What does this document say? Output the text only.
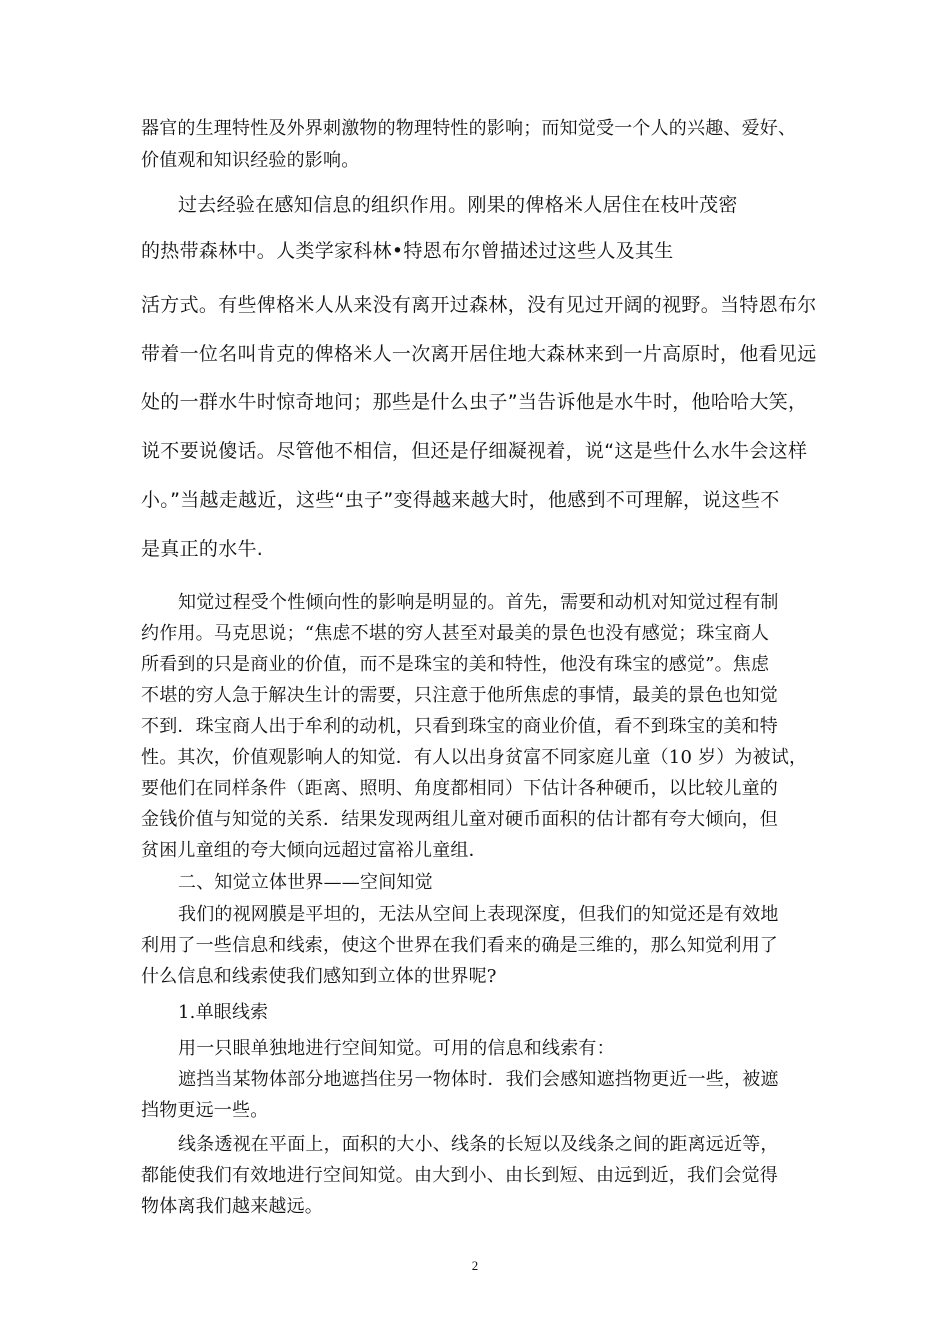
器官的生理特性及外界刺激物的物理特性的影响；而知觉受一个人的兴趣、爱好、
价值观和知识经验的影响。
过去经验在感知信息的组织作用。刚果的俾格米人居住在枝叶茂密
的热带森林中。人类学家科林•特恩布尔曾描述过这些人及其生
活方式。有些俾格米人从来没有离开过森林，没有见过开阔的视野。当特恩布尔
带着一位名叫肯克的俾格米人一次离开居住地大森林来到一片高原时，他看见远
处的一群水牛时惊奇地问；那些是什么虫子”当告诉他是水牛时，他哈哈大笑，
说不要说傻话。尽管他不相信，但还是仔细凝视着，说“这是些什么水牛会这样
小。”当越走越近，这些“虫子”变得越来越大时，他感到不可理解，说这些不
是真正的水牛.
知觉过程受个性倾向性的影响是明显的。首先，需要和动机对知觉过程有制
约作用。马克思说；“焦虑不堪的穷人甚至对最美的景色也没有感觉；珠宝商人
所看到的只是商业的价值，而不是珠宝的美和特性，他没有珠宝的感觉”。焦虑
不堪的穷人急于解决生计的需要，只注意于他所焦虑的事情，最美的景色也知觉
不到．珠宝商人出于牟利的动机，只看到珠宝的商业价值，看不到珠宝的美和特
性。其次，价值观影响人的知觉．有人以出身贫富不同家庭儿童（10 岁）为被试，
要他们在同样条件（距离、照明、角度都相同）下估计各种硬币，以比较儿童的
金钱价值与知觉的关系．结果发现两组儿童对硬币面积的估计都有夸大倾向，但
贫困儿童组的夸大倾向远超过富裕儿童组．
二、知觉立体世界——空间知觉
我们的视网膜是平坦的，无法从空间上表现深度，但我们的知觉还是有效地
利用了一些信息和线索，使这个世界在我们看来的确是三维的，那么知觉利用了
什么信息和线索使我们感知到立体的世界呢?
1.单眼线索
用一只眼单独地进行空间知觉。可用的信息和线索有：
遮挡当某物体部分地遮挡住另一物体时．我们会感知遮挡物更近一些，被遮
挡物更远一些。
线条透视在平面上，面积的大小、线条的长短以及线条之间的距离远近等，
都能使我们有效地进行空间知觉。由大到小、由长到短、由远到近，我们会觉得
物体离我们越来越远。
2
